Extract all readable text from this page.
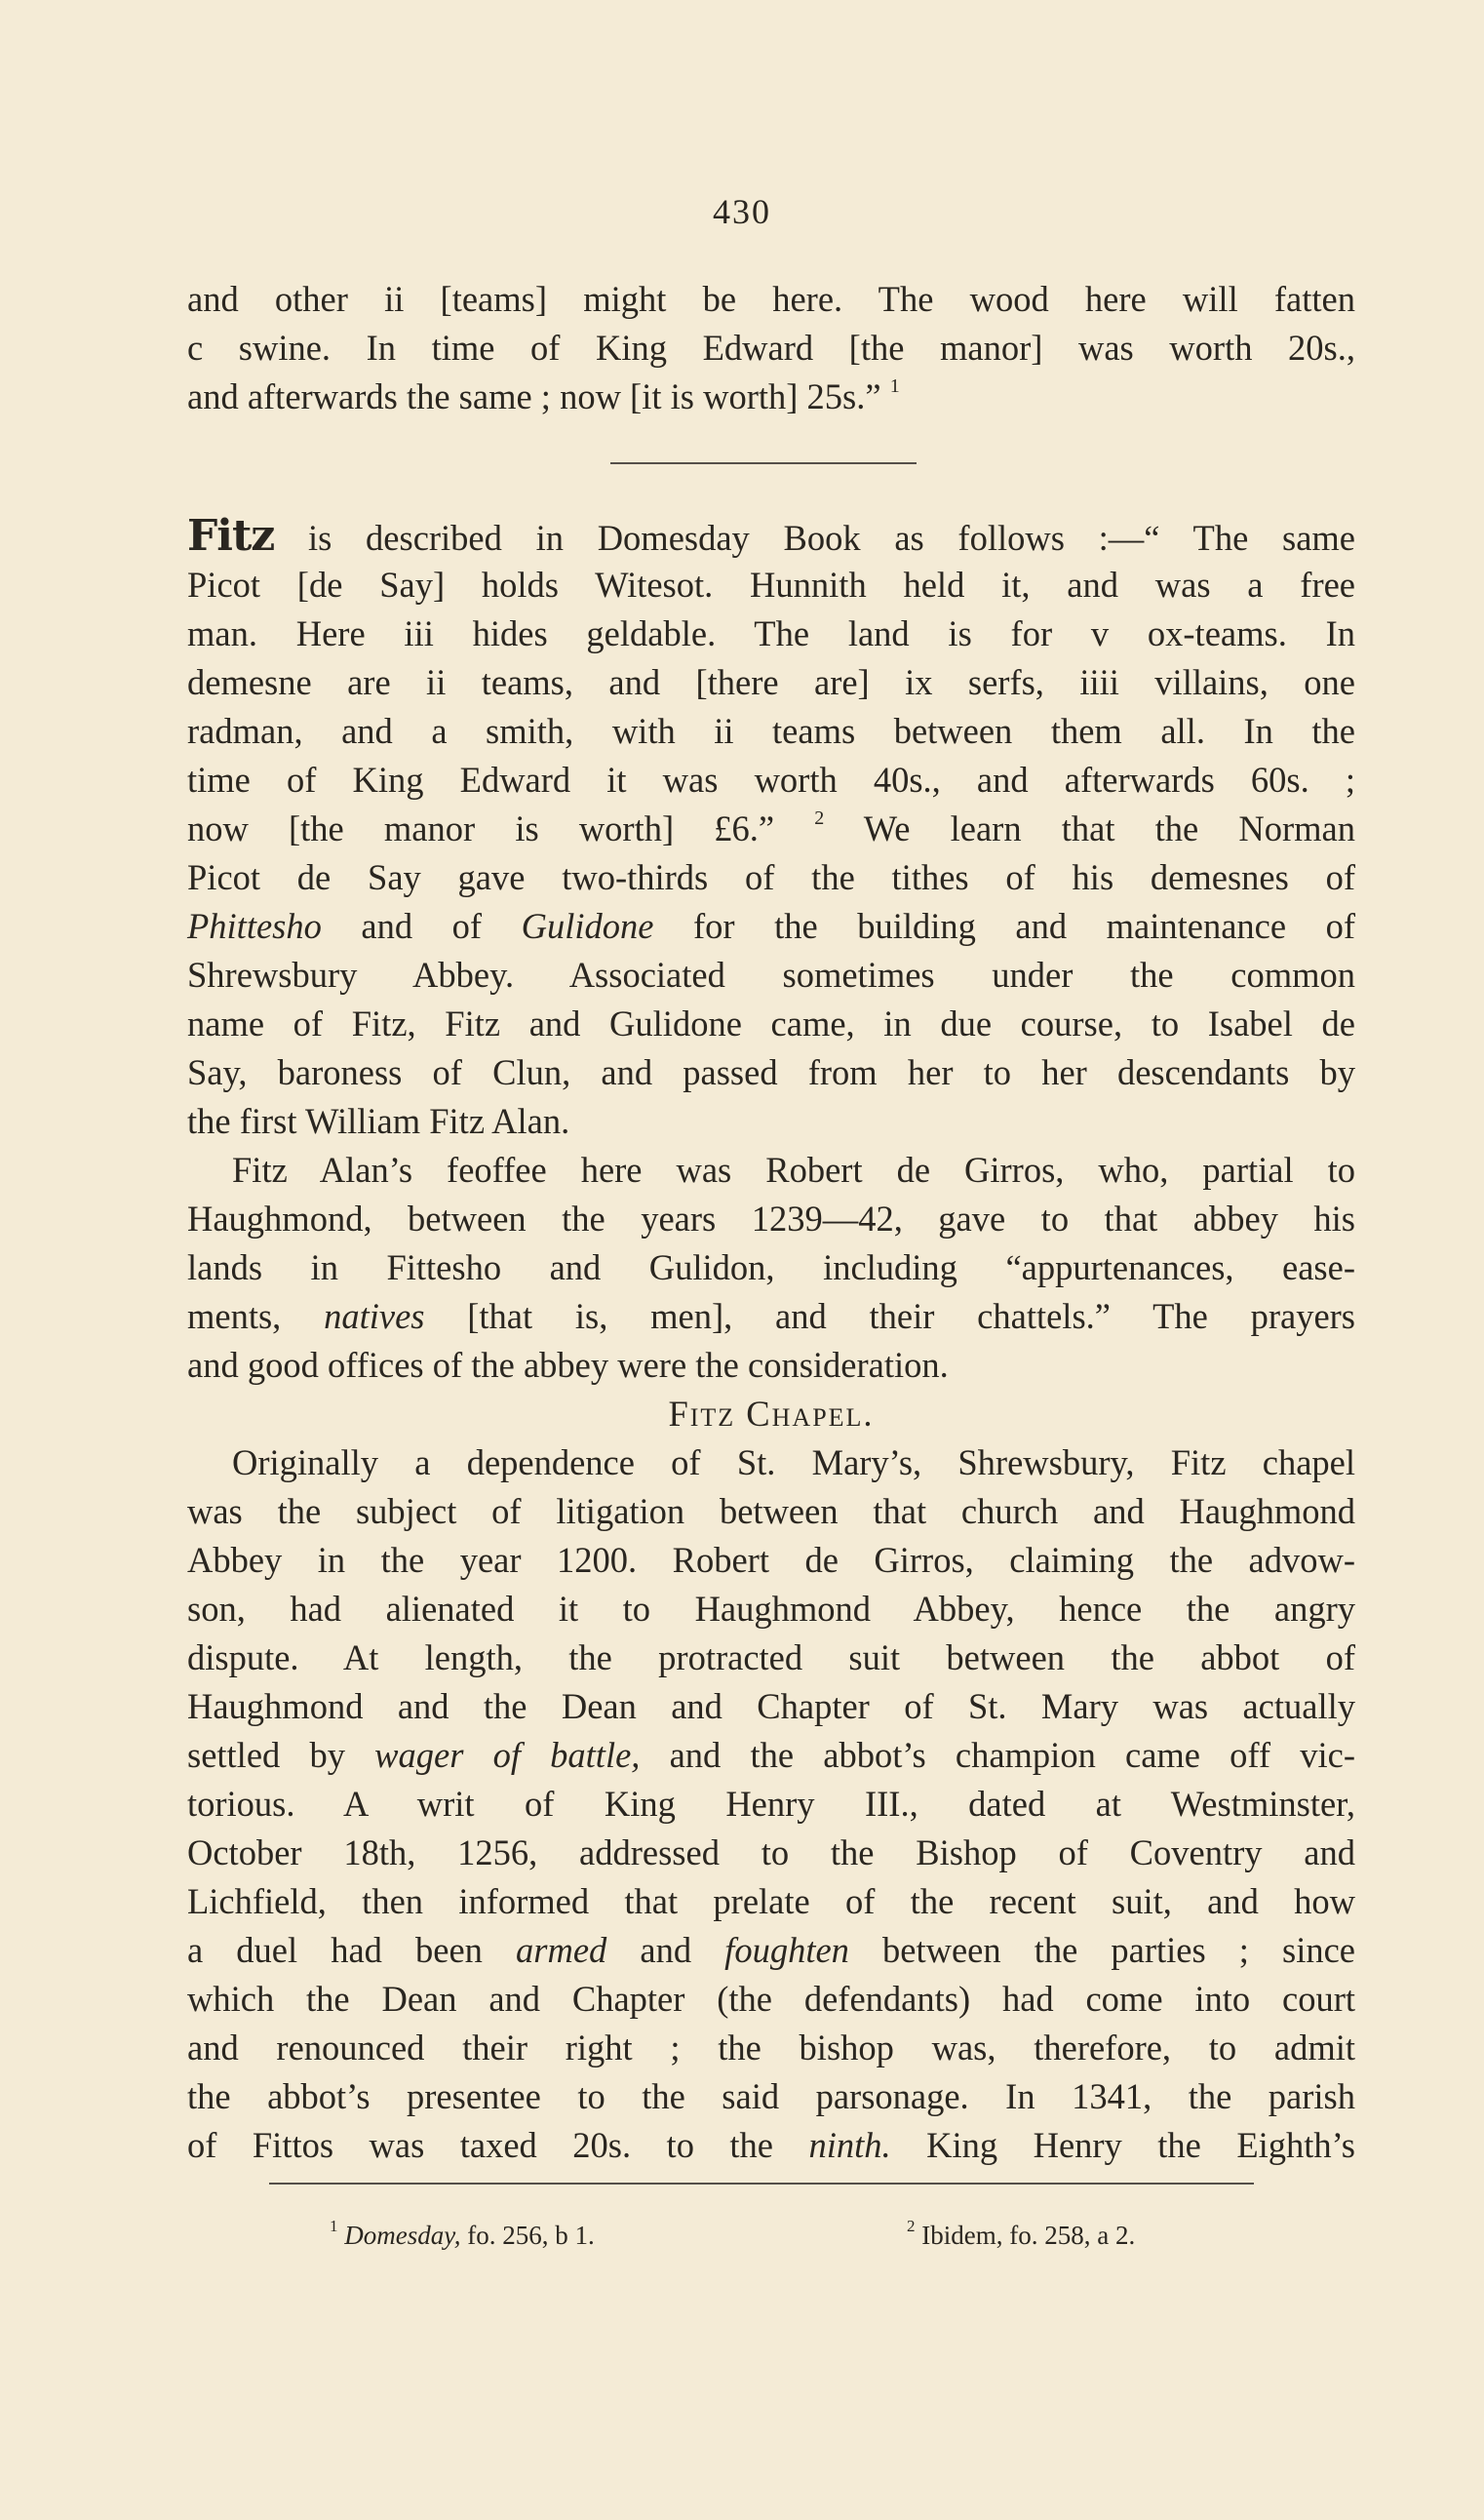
430
and other ii [teams] might be here. The wood here will fatten
c swine. In time of King Edward [the manor] was worth 20s.,
and afterwards the same ; now [it is worth] 25s.” $^1$
Fitz is described in Domesday Book as follows :—“ The same
Picot [de Say] holds Witesot. Hunnith held it, and was a free
man. Here iii hides geldable. The land is for v ox-teams. In
demesne are ii teams, and [there are] ix serfs, iiii villains, one
radman, and a smith, with ii teams between them all. In the
time of King Edward it was worth 40s., and afterwards 60s. ;
now [the manor is worth] £6.” $^2$ We learn that the Norman
Picot de Say gave two-thirds of the tithes of his demesnes of
Phittesho and of Gulidone for the building and maintenance of
Shrewsbury Abbey. Associated sometimes under the common
name of Fitz, Fitz and Gulidone came, in due course, to Isabel de
Say, baroness of Clun, and passed from her to her descendants by
the first William Fitz Alan.
Fitz Alan’s feoffee here was Robert de Girros, who, partial to
Haughmond, between the years 1239—42, gave to that abbey his
lands in Fittesho and Gulidon, including “appurtenances, ease-
ments, natives [that is, men], and their chattels.” The prayers
and good offices of the abbey were the consideration.
Fitz Chapel.
Originally a dependence of St. Mary’s, Shrewsbury, Fitz chapel
was the subject of litigation between that church and Haughmond
Abbey in the year 1200. Robert de Girros, claiming the advow-
son, had alienated it to Haughmond Abbey, hence the angry
dispute. At length, the protracted suit between the abbot of
Haughmond and the Dean and Chapter of St. Mary was actually
settled by wager of battle, and the abbot’s champion came off vic-
torious. A writ of King Henry III., dated at Westminster,
October 18th, 1256, addressed to the Bishop of Coventry and
Lichfield, then informed that prelate of the recent suit, and how
a duel had been armed and foughten between the parties ; since
which the Dean and Chapter (the defendants) had come into court
and renounced their right ; the bishop was, therefore, to admit
the abbot’s presentee to the said parsonage. In 1341, the parish
of Fittos was taxed 20s. to the ninth. King Henry the Eighth’s
$^1$ Domesday, fo. 256, b 1.	$^2$ Ibidem, fo. 258, a 2.
